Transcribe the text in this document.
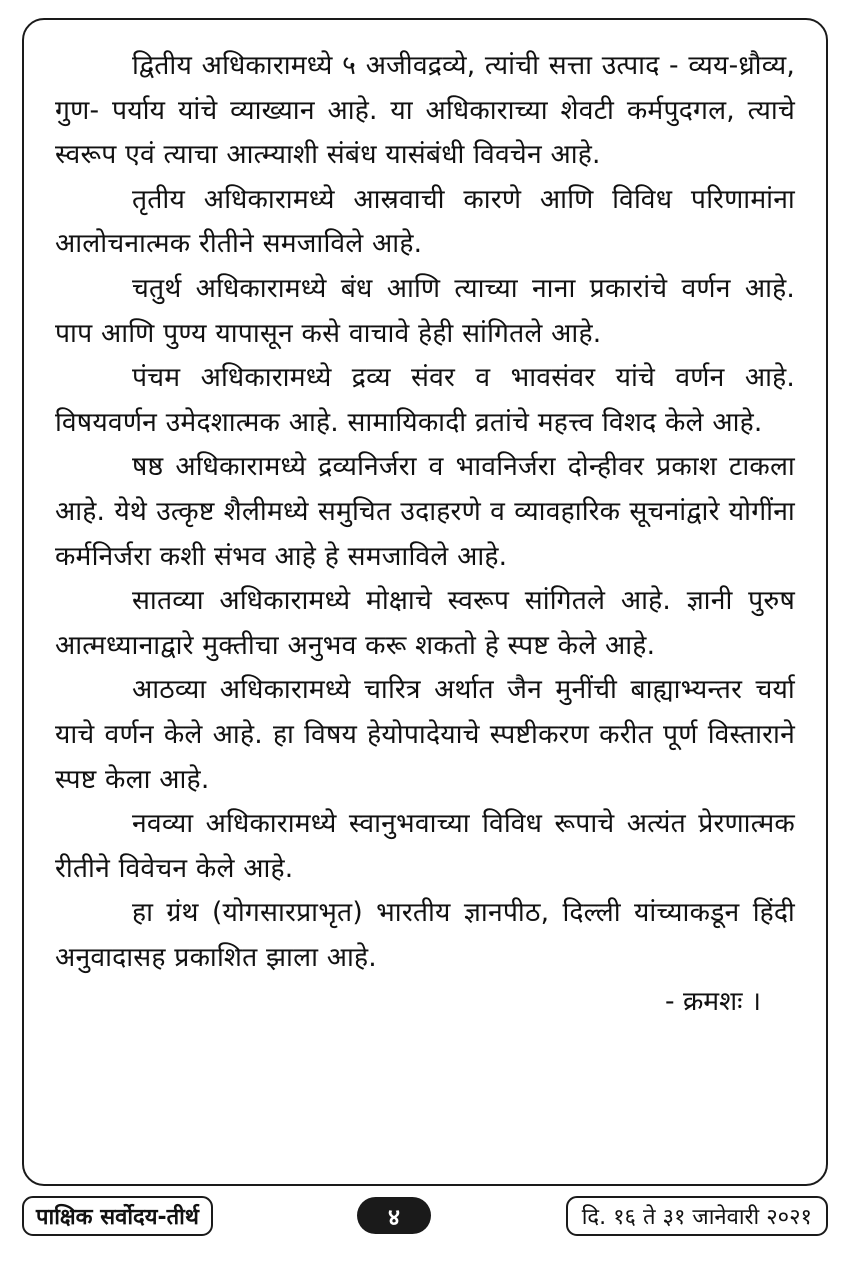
द्वितीय अधिकारामध्ये ५ अजीवद्रव्ये, त्यांची सत्ता उत्पाद - व्यय-ध्रौव्य, गुण- पर्याय यांचे व्याख्यान आहे. या अधिकाराच्या शेवटी कर्मपुदगल, त्याचे स्वरूप एवं त्याचा आत्म्याशी संबंध यासंबंधी विवचेन आहे.

तृतीय अधिकारामध्ये आस्रवाची कारणे आणि विविध परिणामांना आलोचनात्मक रीतीने समजाविले आहे.

चतुर्थ अधिकारामध्ये बंध आणि त्याच्या नाना प्रकारांचे वर्णन आहे. पाप आणि पुण्य यापासून कसे वाचावे हेही सांगितले आहे.

पंचम अधिकारामध्ये द्रव्य संवर व भावसंवर यांचे वर्णन आहे. विषयवर्णन उमेदशात्मक आहे. सामायिकादी व्रतांचे महत्त्व विशद केले आहे.

षष्ठ अधिकारामध्ये द्रव्यनिर्जरा व भावनिर्जरा दोन्हीवर प्रकाश टाकला आहे. येथे उत्कृष्ट शैलीमध्ये समुचित उदाहरणे व व्यावहारिक सूचनांद्वारे योगींना कर्मनिर्जरा कशी संभव आहे हे समजाविले आहे.

सातव्या अधिकारामध्ये मोक्षाचे स्वरूप सांगितले आहे. ज्ञानी पुरुष आत्मध्यानाद्वारे मुक्तीचा अनुभव करू शकतो हे स्पष्ट केले आहे.

आठव्या अधिकारामध्ये चारित्र अर्थात जैन मुनींची बाह्याभ्यन्तर चर्या याचे वर्णन केले आहे. हा विषय हेयोपादेयाचे स्पष्टीकरण करीत पूर्ण विस्ताराने स्पष्ट केला आहे.

नवव्या अधिकारामध्ये स्वानुभवाच्या विविध रूपाचे अत्यंत प्रेरणात्मक रीतीने विवेचन केले आहे.

हा ग्रंथ (योगसारप्राभृत) भारतीय ज्ञानपीठ, दिल्ली यांच्याकडून हिंदी अनुवादासह प्रकाशित झाला आहे.

- क्रमशः ।

पाक्षिक सर्वोदय-तीर्थ	४	दि. १६ ते ३१ जानेवारी २०२१
